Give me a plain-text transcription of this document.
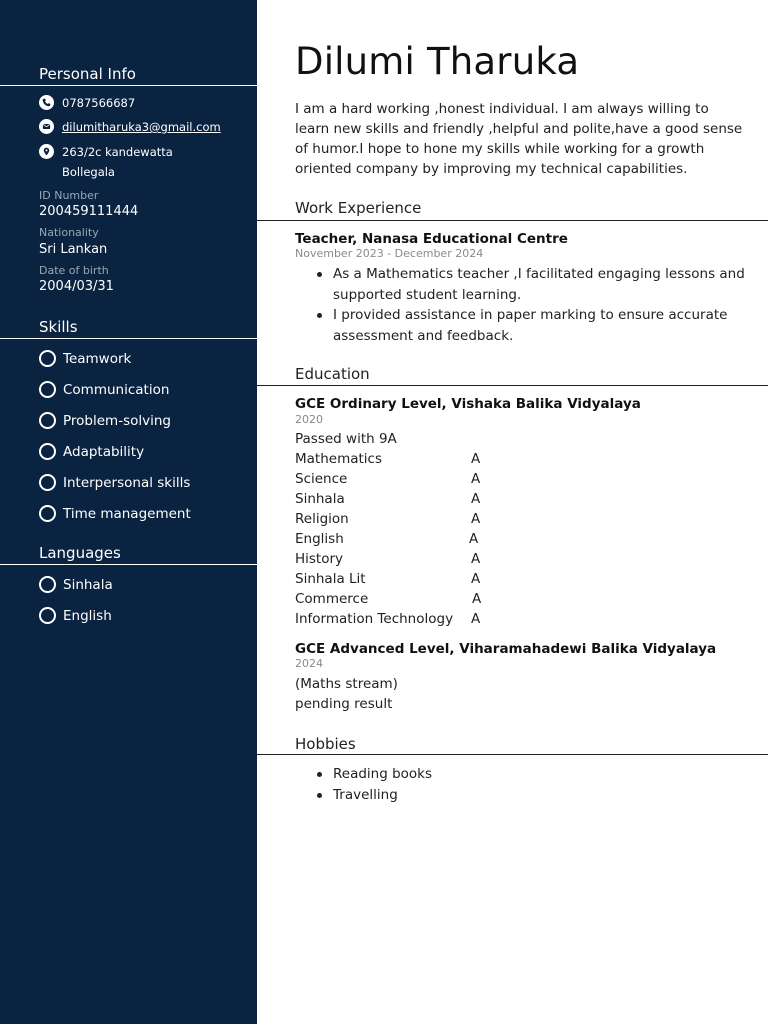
Personal Info
0787566687
dilumitharuka3@gmail.com
263/2c kandewatta
Bollegala
ID Number
200459111444
Nationality
Sri Lankan
Date of birth
2004/03/31
Skills
Teamwork
Communication
Problem-solving
Adaptability
Interpersonal skills
Time management
Languages
Sinhala
English
Dilumi Tharuka

I am a hard working ,honest individual. I am always willing to learn new skills and friendly ,helpful and polite,have a good sense of humor.I hope to hone my skills while working for a growth oriented company by improving my technical capabilities.

Work Experience
Teacher, Nanasa Educational Centre
November 2023 - December 2024
As a Mathematics teacher ,I facilitated engaging lessons and supported student learning.
I provided assistance in paper marking to ensure accurate assessment and feedback.
Education
GCE Ordinary Level, Vishaka Balika Vidyalaya
2020
Passed with 9A
Mathematics	A
Science	A
Sinhala	A
Religion	A
English	A
History	A
Sinhala Lit	A
Commerce	A
Information Technology A
GCE Advanced Level, Viharamahadewi Balika Vidyalaya
2024
(Maths stream)
pending result
Hobbies
Reading books
Travelling
